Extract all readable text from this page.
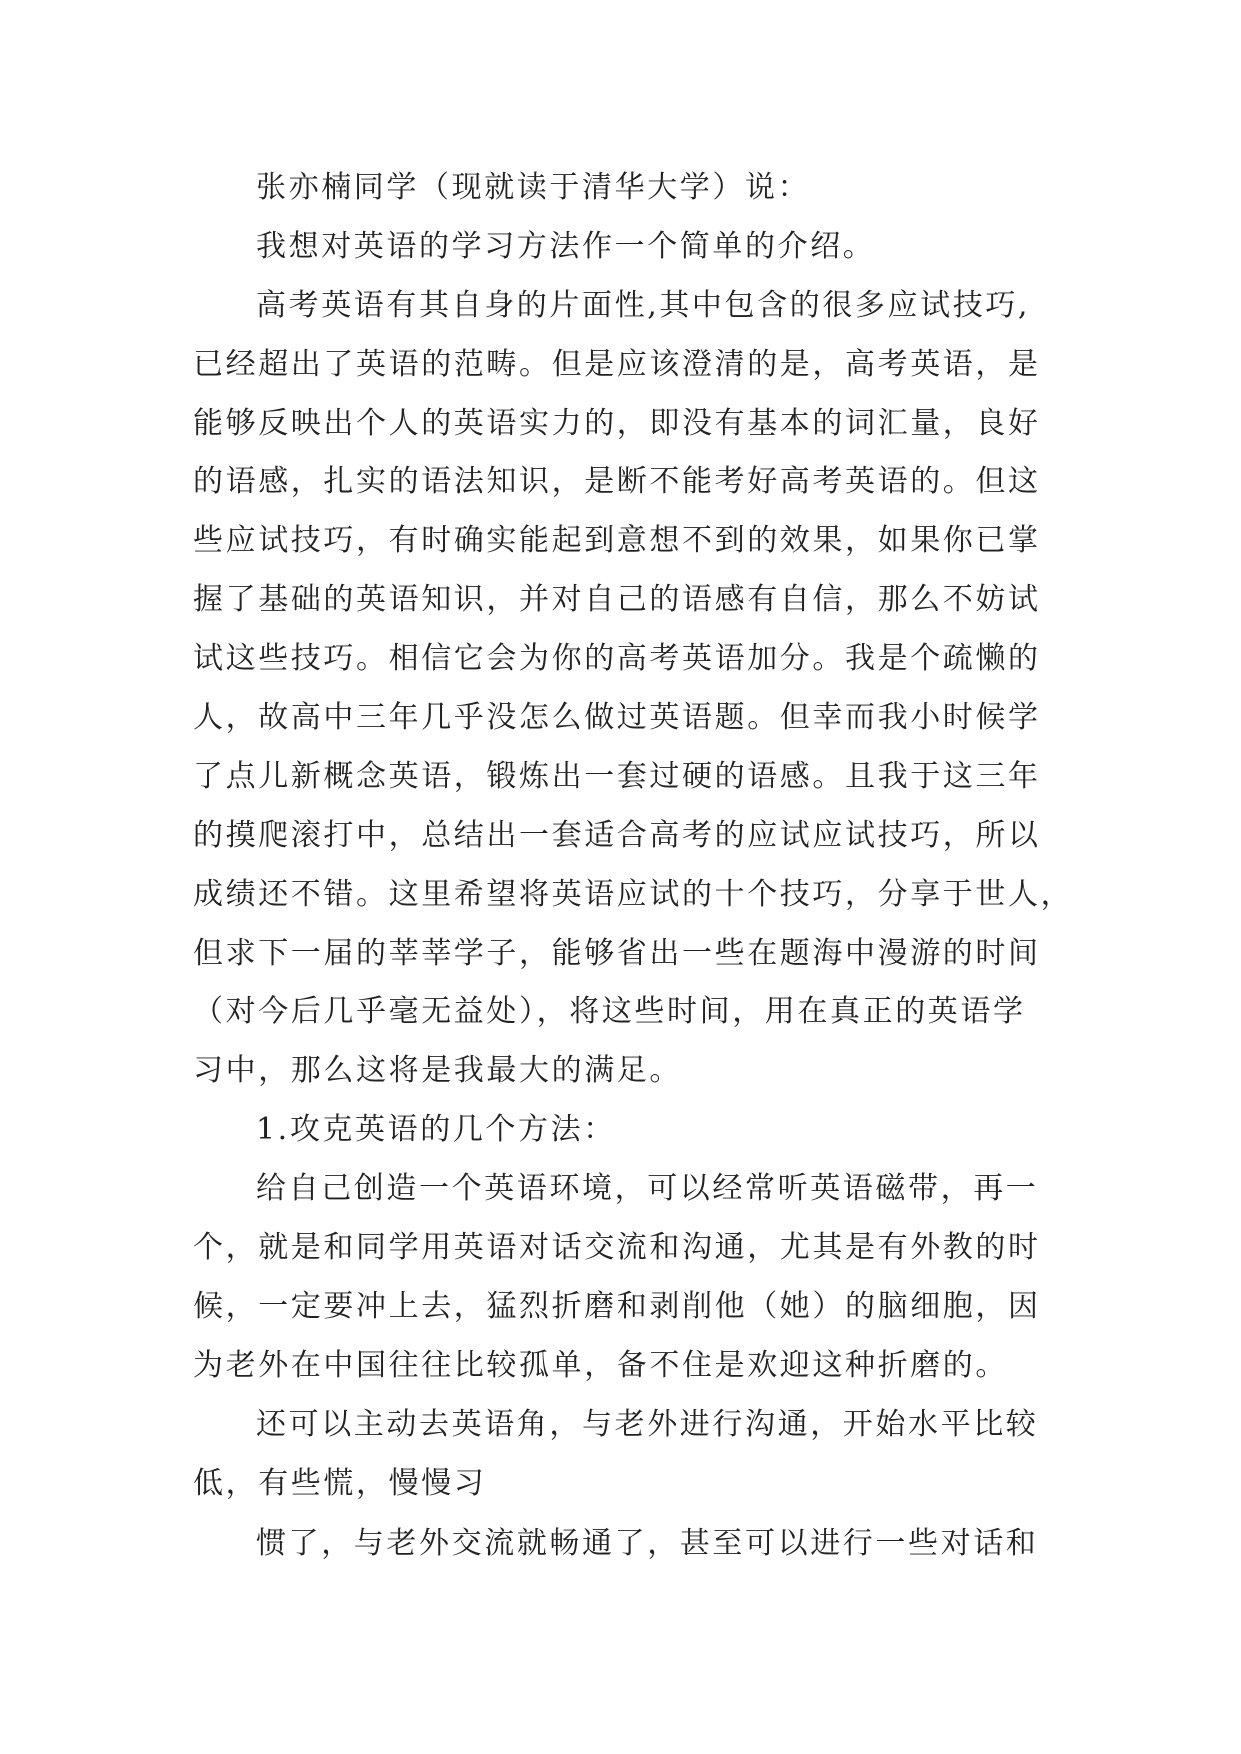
张亦楠同学（现就读于清华大学）说：
我想对英语的学习方法作一个简单的介绍。
高考英语有其自身的片面性,其中包含的很多应试技巧,
已经超出了英语的范畴。但是应该澄清的是，高考英语，是
能够反映出个人的英语实力的，即没有基本的词汇量，良好
的语感，扎实的语法知识，是断不能考好高考英语的。但这
些应试技巧，有时确实能起到意想不到的效果，如果你已掌
握了基础的英语知识，并对自己的语感有自信，那么不妨试
试这些技巧。相信它会为你的高考英语加分。我是个疏懒的
人，故高中三年几乎没怎么做过英语题。但幸而我小时候学
了点儿新概念英语，锻炼出一套过硬的语感。且我于这三年
的摸爬滚打中，总结出一套适合高考的应试应试技巧，所以
成绩还不错。这里希望将英语应试的十个技巧，分享于世人，
但求下一届的莘莘学子，能够省出一些在题海中漫游的时间
（对今后几乎毫无益处），将这些时间，用在真正的英语学
习中，那么这将是我最大的满足。
1.攻克英语的几个方法：
给自己创造一个英语环境，可以经常听英语磁带，再一
个，就是和同学用英语对话交流和沟通，尤其是有外教的时
候，一定要冲上去，猛烈折磨和剥削他（她）的脑细胞，因
为老外在中国往往比较孤单，备不住是欢迎这种折磨的。
还可以主动去英语角，与老外进行沟通，开始水平比较
低，有些慌，慢慢习
惯了，与老外交流就畅通了，甚至可以进行一些对话和
